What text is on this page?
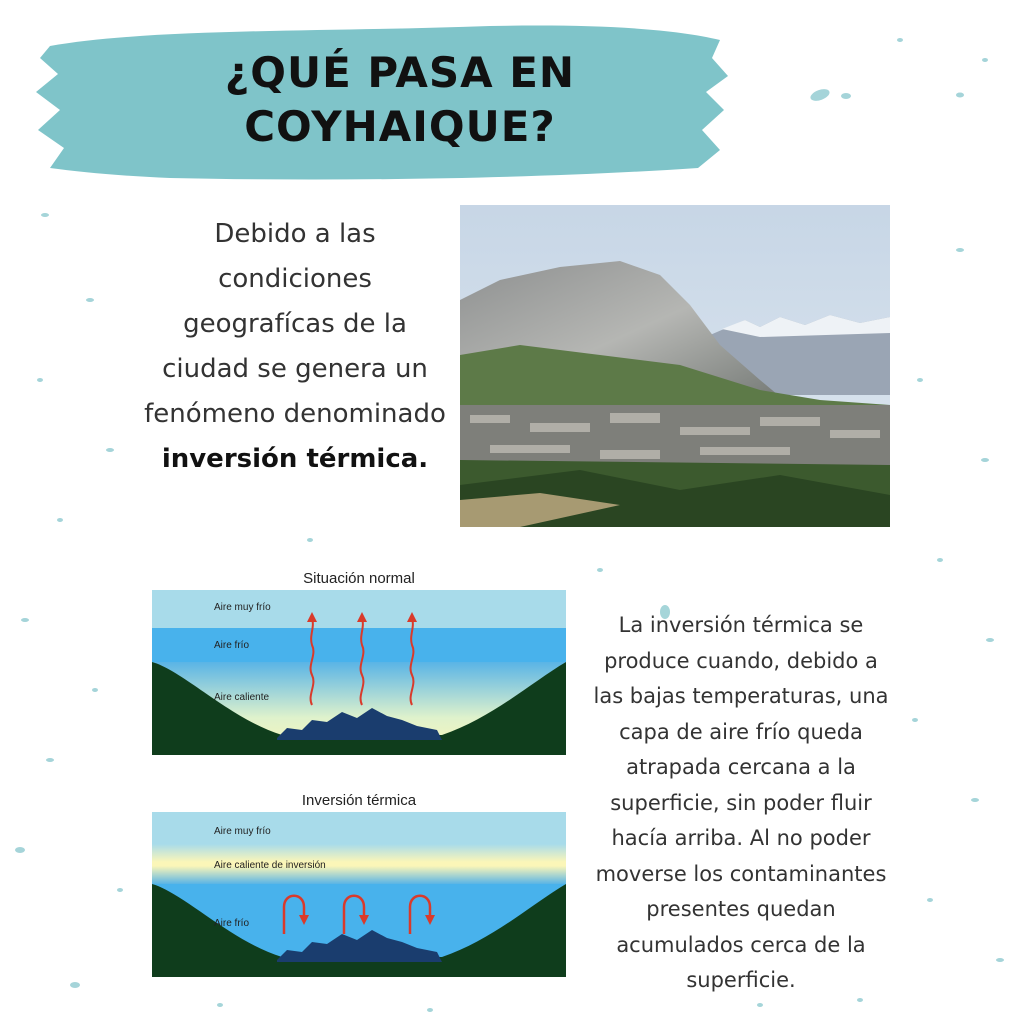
¿QUÉ PASA EN
COYHAIQUE?
Debido a las condiciones geografícas de la ciudad se genera un fenómeno denominado
inversión térmica.
Situación normal
Aire muy frío
Aire frío
Aire caliente
Inversión térmica
Aire muy frío
Aire caliente de inversión
Aire frío
La inversión térmica se produce cuando, debido a las bajas temperaturas, una capa de aire frío queda atrapada cercana a la superficie, sin poder fluir hacía arriba. Al no poder moverse los contaminantes presentes quedan acumulados cerca de la superficie.
